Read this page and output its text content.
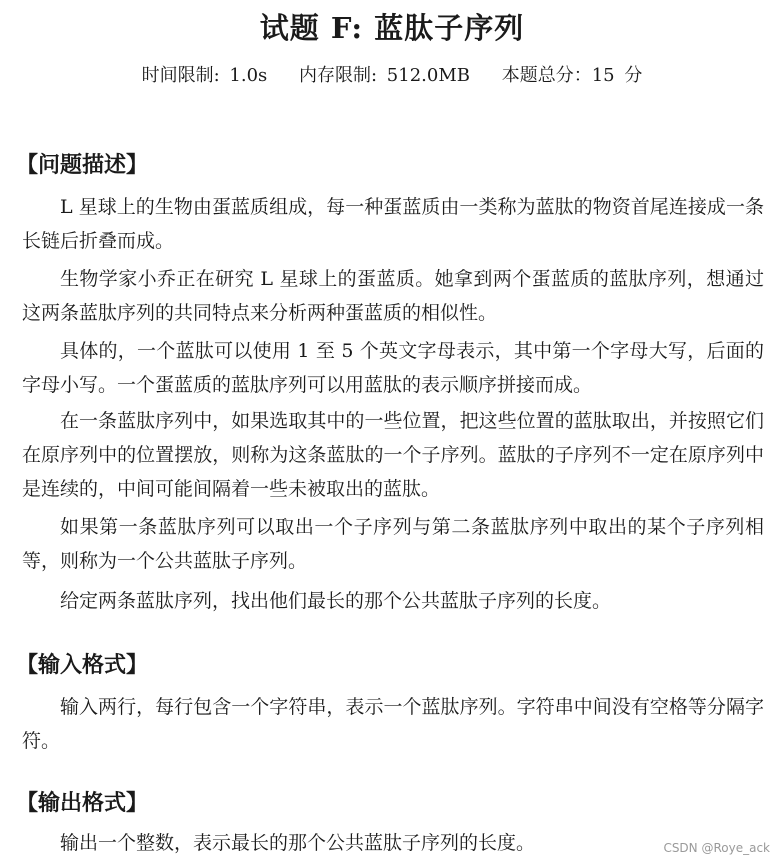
试题 F: 蓝肽子序列
时间限制: 1.0s 内存限制: 512.0MB 本题总分：15 分
【问题描述】
L 星球上的生物由蛋蓝质组成，每一种蛋蓝质由一类称为蓝肽的物资首尾连接成一条长链后折叠而成。
生物学家小乔正在研究 L 星球上的蛋蓝质。她拿到两个蛋蓝质的蓝肽序列，想通过这两条蓝肽序列的共同特点来分析两种蛋蓝质的相似性。
具体的，一个蓝肽可以使用 1 至 5 个英文字母表示，其中第一个字母大写，后面的字母小写。一个蛋蓝质的蓝肽序列可以用蓝肽的表示顺序拼接而成。
在一条蓝肽序列中，如果选取其中的一些位置，把这些位置的蓝肽取出，并按照它们在原序列中的位置摆放，则称为这条蓝肽的一个子序列。蓝肽的子序列不一定在原序列中是连续的，中间可能间隔着一些未被取出的蓝肽。
如果第一条蓝肽序列可以取出一个子序列与第二条蓝肽序列中取出的某个子序列相等，则称为一个公共蓝肽子序列。
给定两条蓝肽序列，找出他们最长的那个公共蓝肽子序列的长度。
【输入格式】
输入两行，每行包含一个字符串，表示一个蓝肽序列。字符串中间没有空格等分隔字符。
【输出格式】
输出一个整数，表示最长的那个公共蓝肽子序列的长度。	CSDN @Roye_ack
